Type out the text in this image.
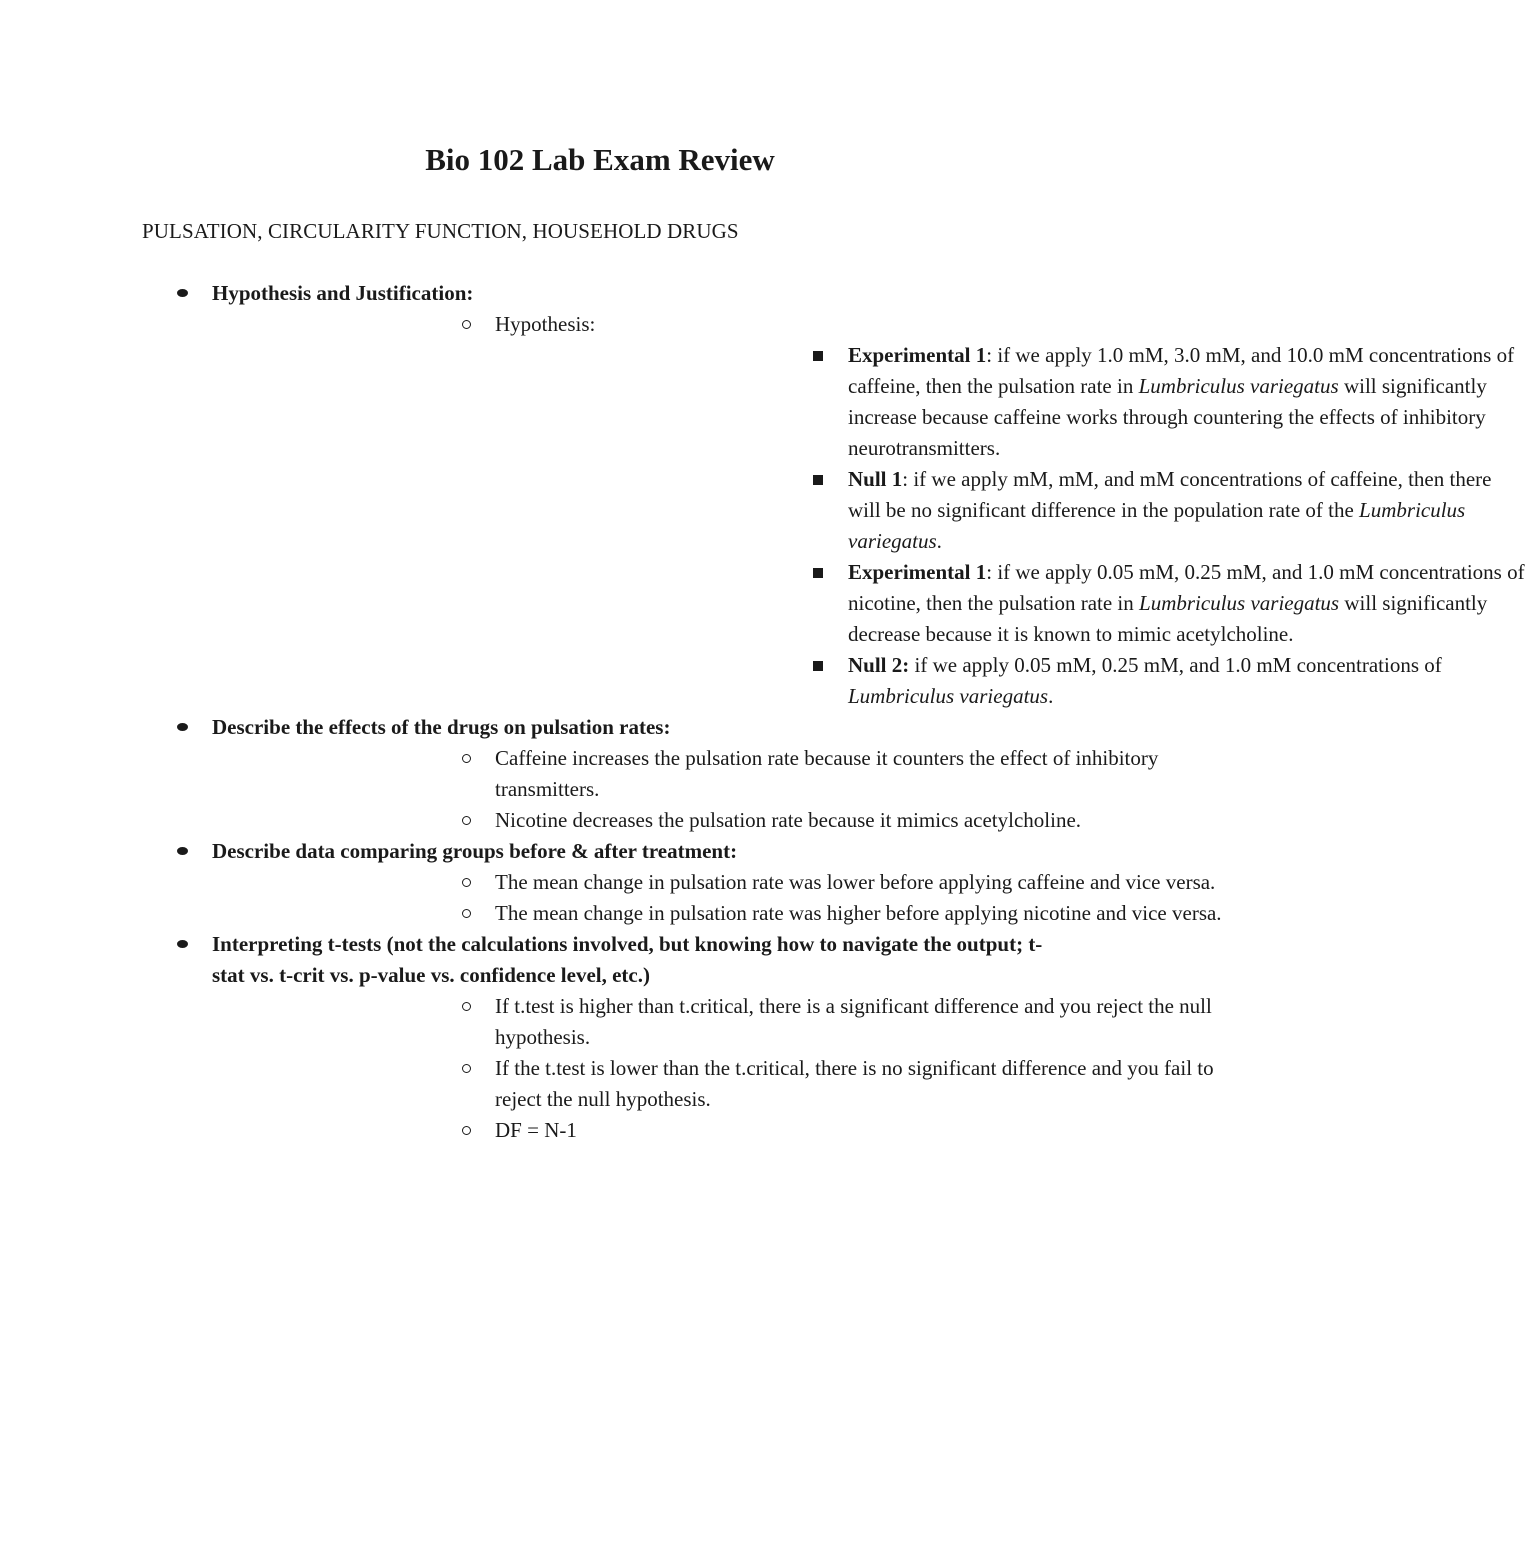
Bio 102 Lab Exam Review

PULSATION, CIRCULARITY FUNCTION, HOUSEHOLD DRUGS

Hypothesis and Justification:
Hypothesis:
Experimental 1: if we apply 1.0 mM, 3.0 mM, and 10.0 mM concentrations of caffeine, then the pulsation rate in Lumbriculus variegatus will significantly increase because caffeine works through countering the effects of inhibitory neurotransmitters.
Null 1: if we apply mM, mM, and mM concentrations of caffeine, then there will be no significant difference in the population rate of the Lumbriculus variegatus.
Experimental 1: if we apply 0.05 mM, 0.25 mM, and 1.0 mM concentrations of nicotine, then the pulsation rate in Lumbriculus variegatus will significantly decrease because it is known to mimic acetylcholine.
Null 2: if we apply 0.05 mM, 0.25 mM, and 1.0 mM concentrations of Lumbriculus variegatus.
Describe the effects of the drugs on pulsation rates:
Caffeine increases the pulsation rate because it counters the effect of inhibitory transmitters.
Nicotine decreases the pulsation rate because it mimics acetylcholine.
Describe data comparing groups before & after treatment:
The mean change in pulsation rate was lower before applying caffeine and vice versa.
The mean change in pulsation rate was higher before applying nicotine and vice versa.
Interpreting t-tests (not the calculations involved, but knowing how to navigate the output; t-stat vs. t-crit vs. p-value vs. confidence level, etc.)
If t.test is higher than t.critical, there is a significant difference and you reject the null hypothesis.
If the t.test is lower than the t.critical, there is no significant difference and you fail to reject the null hypothesis.
DF = N-1
